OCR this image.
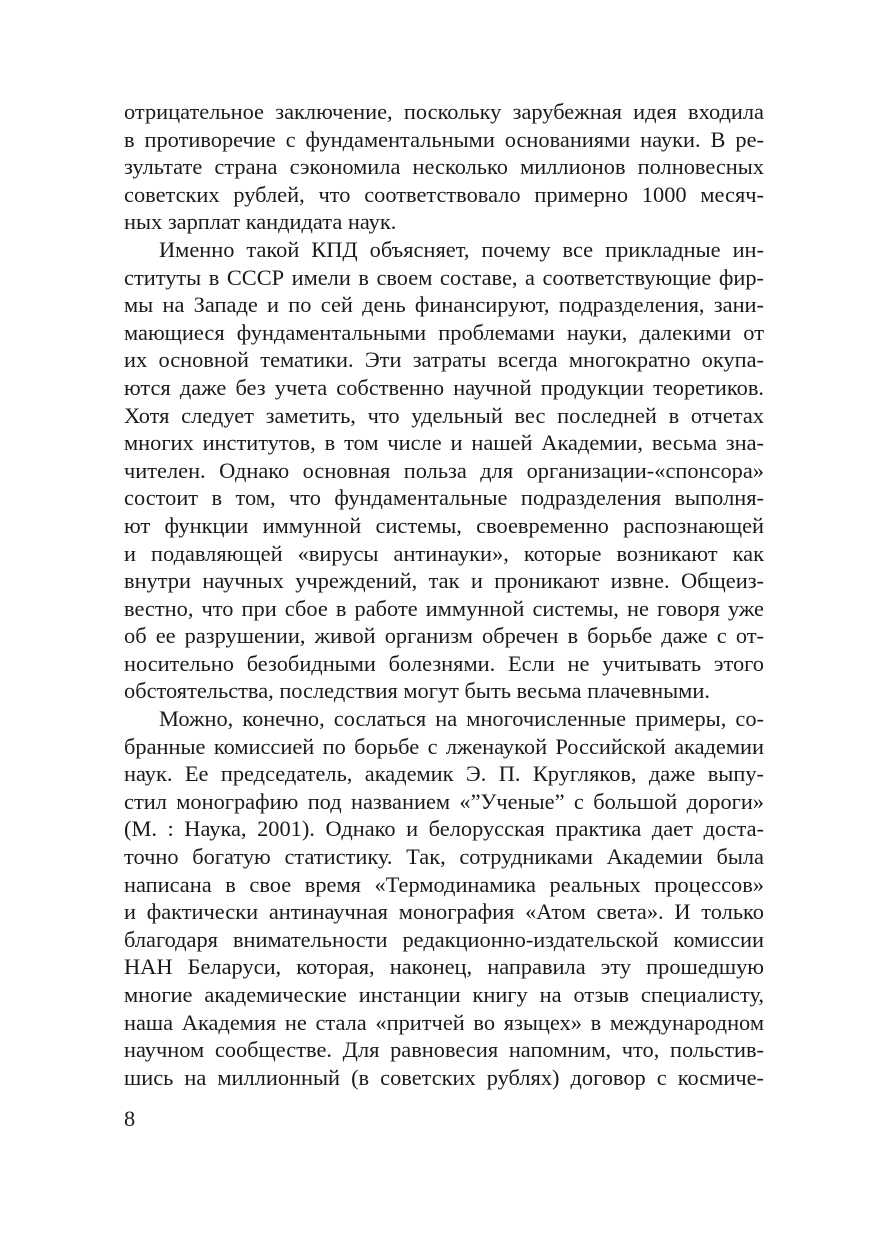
отрицательное заключение, поскольку зарубежная идея входила
в противоречие с фундаментальными основаниями науки. В ре-
зультате страна сэкономила несколько миллионов полновесных
советских рублей, что соответствовало примерно 1000 месяч-
ных зарплат кандидата наук.
Именно такой КПД объясняет, почему все прикладные ин-
ституты в СССР имели в своем составе, а соответствующие фир-
мы на Западе и по сей день финансируют, подразделения, зани-
мающиеся фундаментальными проблемами науки, далекими от
их основной тематики. Эти затраты всегда многократно окупа-
ются даже без учета собственно научной продукции теоретиков.
Хотя следует заметить, что удельный вес последней в отчетах
многих институтов, в том числе и нашей Академии, весьма зна-
чителен. Однако основная польза для организации-«спонсора»
состоит в том, что фундаментальные подразделения выполня-
ют функции иммунной системы, своевременно распознающей
и подавляющей «вирусы антинауки», которые возникают как
внутри научных учреждений, так и проникают извне. Общеиз-
вестно, что при сбое в работе иммунной системы, не говоря уже
об ее разрушении, живой организм обречен в борьбе даже с от-
носительно безобидными болезнями. Если не учитывать этого
обстоятельства, последствия могут быть весьма плачевными.
Можно, конечно, сослаться на многочисленные примеры, со-
бранные комиссией по борьбе с лженаукой Российской академии
наук. Ее председатель, академик Э. П. Кругляков, даже выпу-
стил монографию под названием «”Ученые” с большой дороги»
(М. : Наука, 2001). Однако и белорусская практика дает доста-
точно богатую статистику. Так, сотрудниками Академии была
написана в свое время «Термодинамика реальных процессов»
и фактически антинаучная монография «Атом света». И только
благодаря внимательности редакционно-издательской комиссии
НАН Беларуси, которая, наконец, направила эту прошедшую
многие академические инстанции книгу на отзыв специалисту,
наша Академия не стала «притчей во языцех» в международном
научном сообществе. Для равновесия напомним, что, польстив-
шись на миллионный (в советских рублях) договор с космиче-
8
